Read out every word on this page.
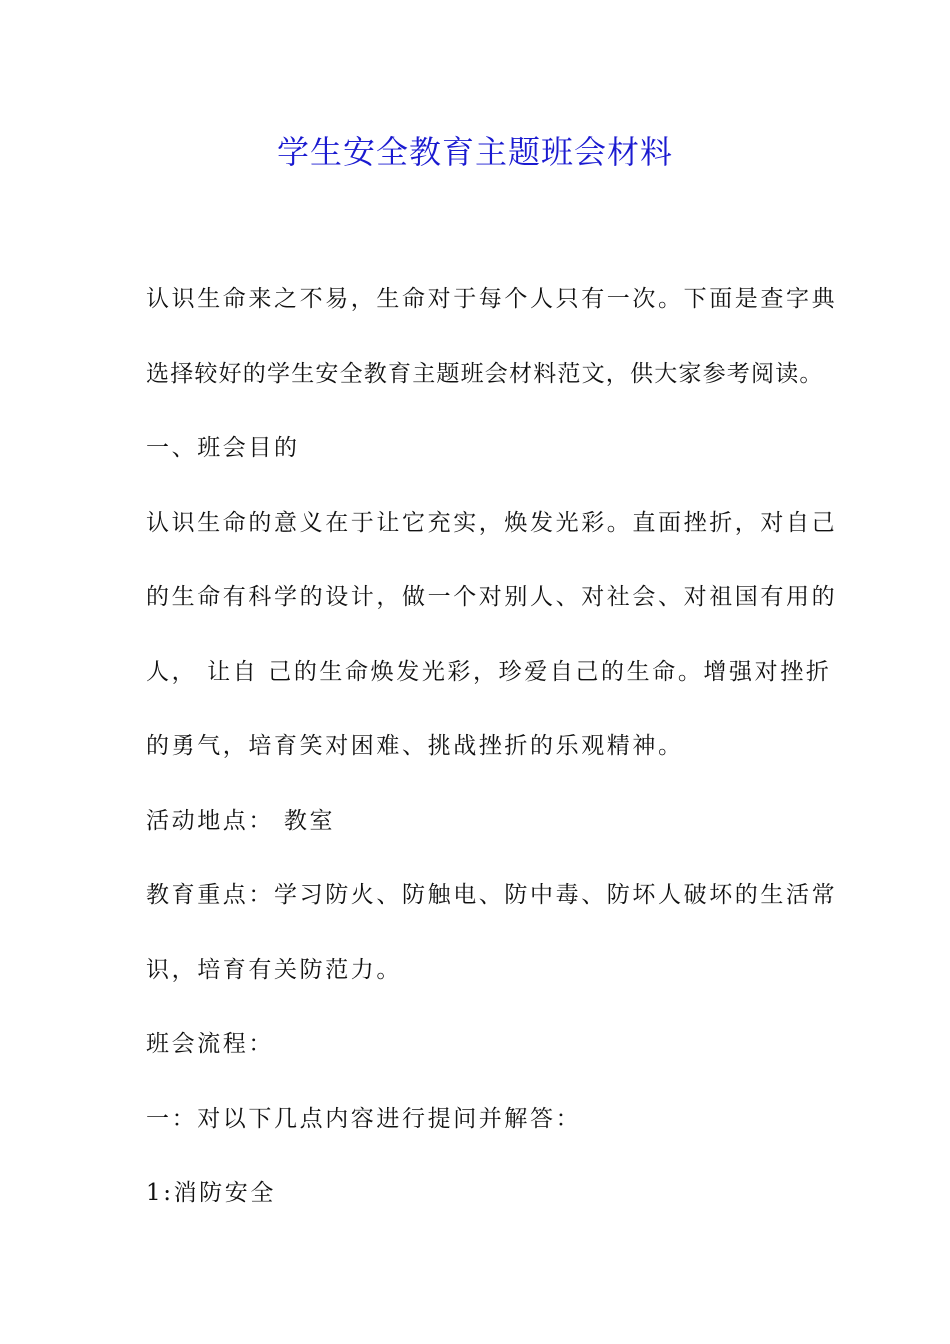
学生安全教育主题班会材料
认识生命来之不易，生命对于每个人只有一次。下面是查字典
选择较好的学生安全教育主题班会材料范文，供大家参考阅读。
一、班会目的
认识生命的意义在于让它充实，焕发光彩。直面挫折，对自己
的生命有科学的设计，做一个对别人、对社会、对祖国有用的
人， 让自 己的生命焕发光彩，珍爱自己的生命。增强对挫折
的勇气，培育笑对困难、挑战挫折的乐观精神。
活动地点： 教室
教育重点：学习防火、防触电、防中毒、防坏人破坏的生活常
识，培育有关防范力。
班会流程：
一：对以下几点内容进行提问并解答：
1:消防安全
